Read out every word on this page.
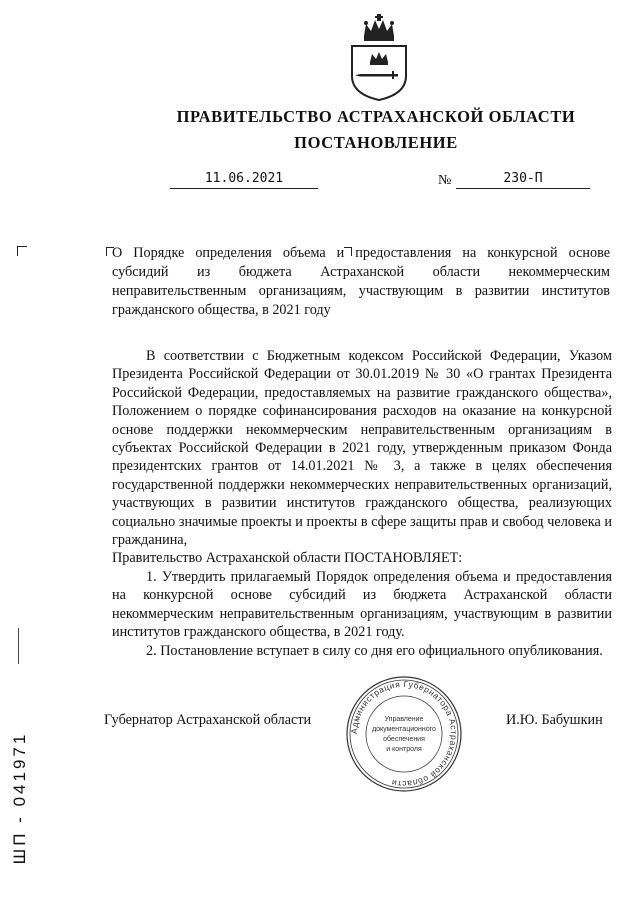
ПРАВИТЕЛЬСТВО АСТРАХАНСКОЙ ОБЛАСТИ
ПОСТАНОВЛЕНИЕ
11.06.2021	№	230-П
О Порядке определения объема и предоставления на конкурсной основе субсидий из бюджета Астраханской области некоммерческим неправительственным организациям, участвующим в развитии институтов гражданского общества, в 2021 году

В соответствии с Бюджетным кодексом Российской Федерации, Указом Президента Российской Федерации от 30.01.2019 № 30 «О грантах Президента Российской Федерации, предоставляемых на развитие гражданского общества», Положением о порядке софинансирования расходов на оказание на конкурсной основе поддержки некоммерческим неправительственным организациям в субъектах Российской Федерации в 2021 году, утвержденным приказом Фонда президентских грантов от 14.01.2021 № 3, а также в целях обеспечения государственной поддержки некоммерческих неправительственных организаций, участвующих в развитии институтов гражданского общества, реализующих социально значимые проекты и проекты в сфере защиты прав и свобод человека и гражданина,

Правительство Астраханской области ПОСТАНОВЛЯЕТ:

1. Утвердить прилагаемый Порядок определения объема и предоставления на конкурсной основе субсидий из бюджета Астраханской области некоммерческим неправительственным организациям, участвующим в развитии институтов гражданского общества, в 2021 году.

2. Постановление вступает в силу со дня его официального опубликования.

Губернатор Астраханской области	И.Ю. Бабушкин
Администрация Губернатора Астраханской области
Управление
документационного
обеспечения
и контроля
ШП - 041971
